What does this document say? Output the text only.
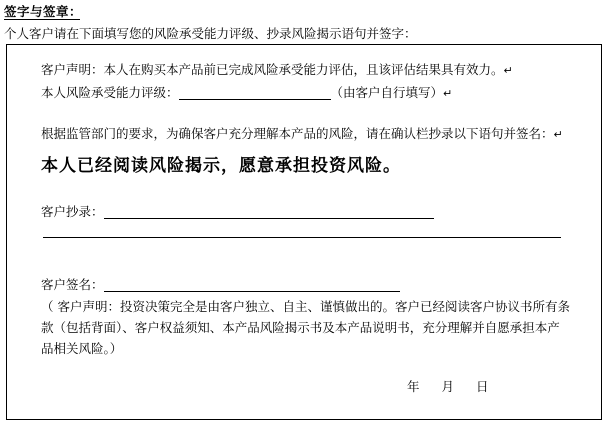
签字与签章：
个人客户请在下面填写您的风险承受能力评级、抄录风险揭示语句并签字：
客户声明：本人在购买本产品前已完成风险承受能力评估，且该评估结果具有效力。↵
本人风险承受能力评级：	（由客户自行填写）↵
根据监管部门的要求，为确保客户充分理解本产品的风险，请在确认栏抄录以下语句并签名：↵
本人已经阅读风险揭示，愿意承担投资风险。
客户抄录：
客户签名：
（ 客户声明：投资决策完全是由客户独立、自主、谨慎做出的。客户已经阅读客户协议书所有条款（包括背面）、客户权益须知、本产品风险揭示书及本产品说明书，充分理解并自愿承担本产品相关风险。）
年月日
